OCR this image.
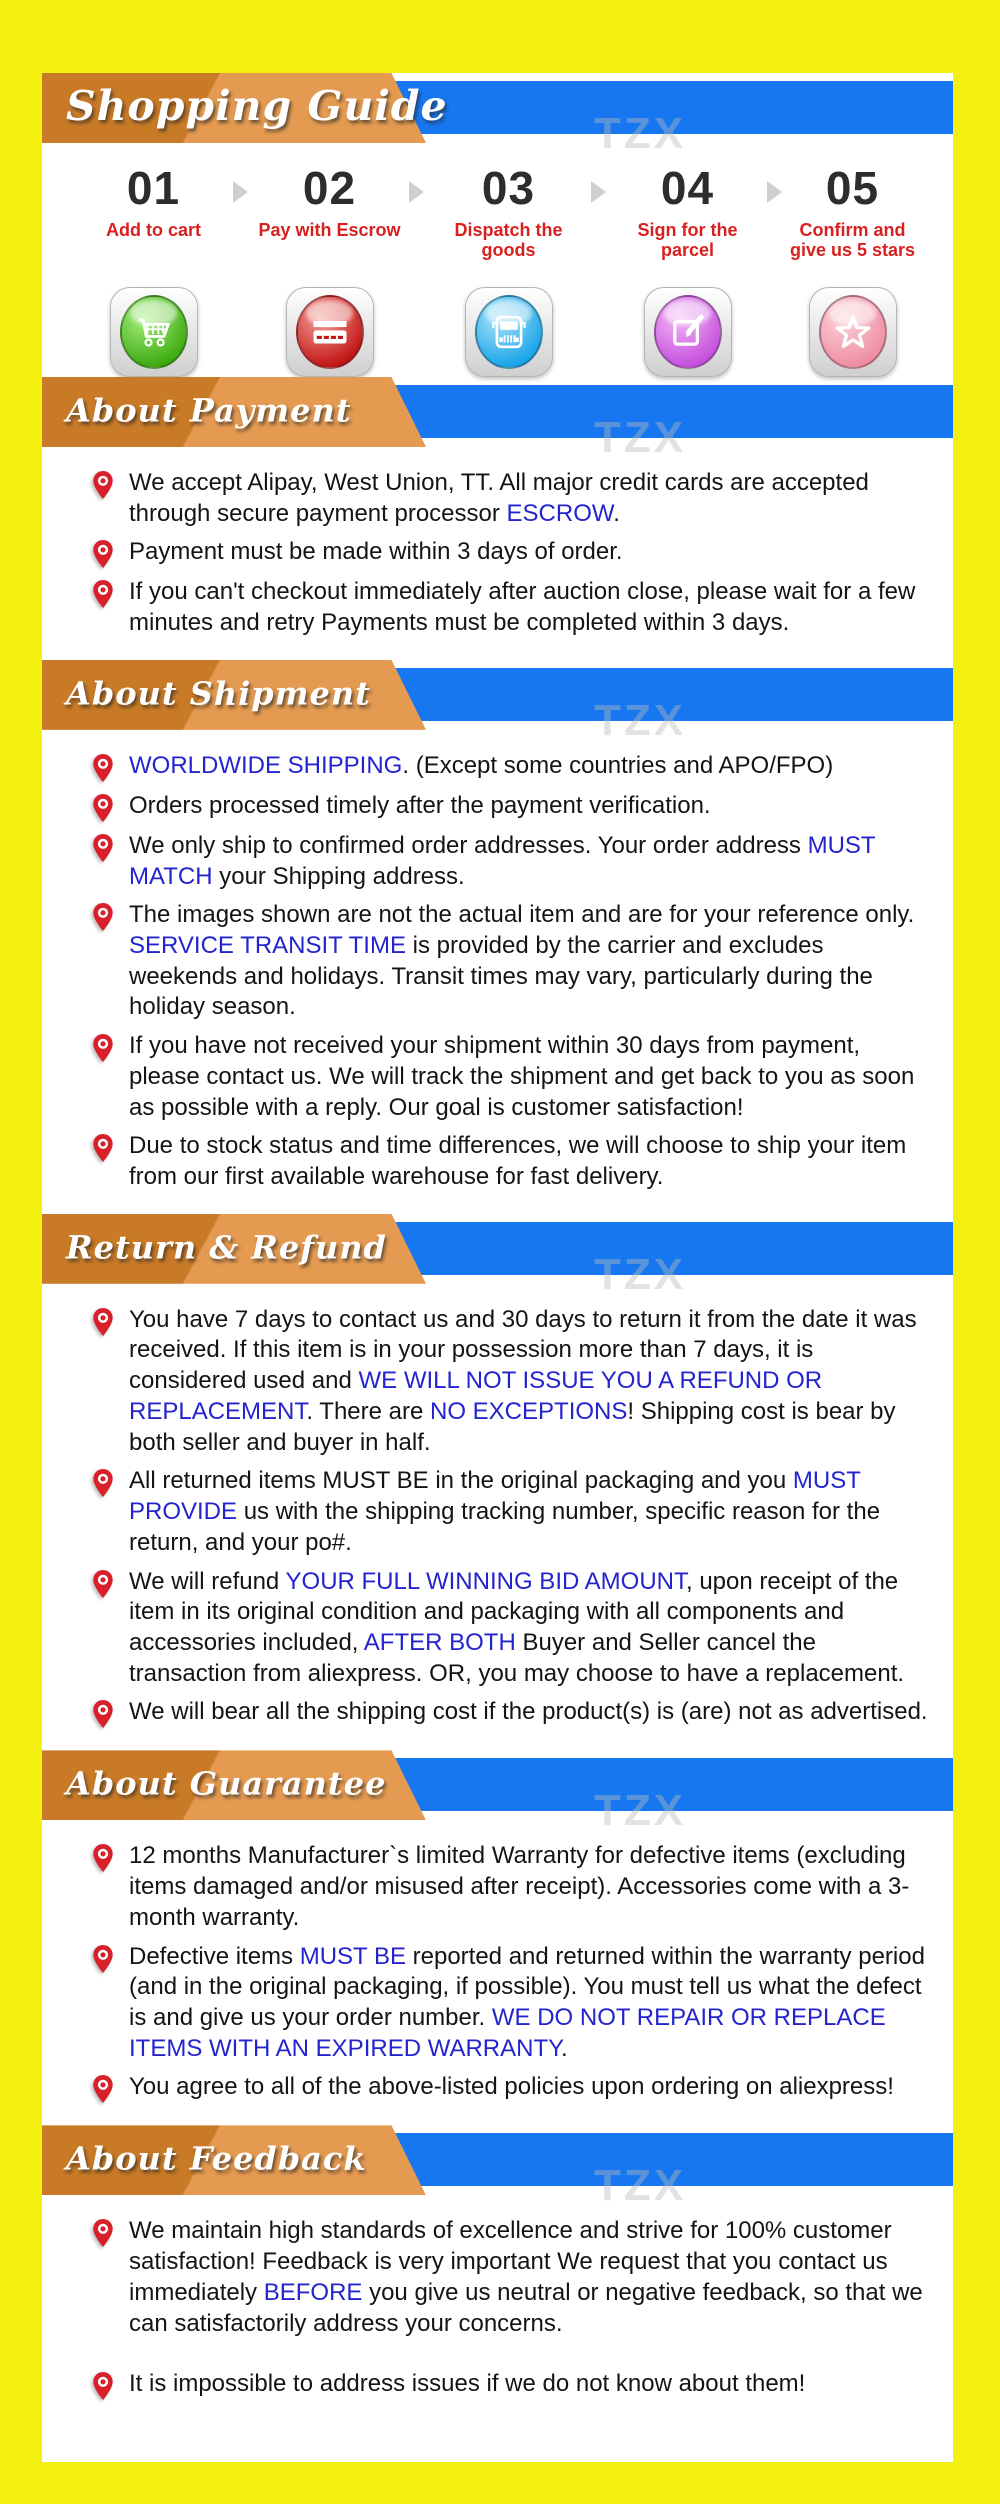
Shopping Guide
TZX
01
Add to cart
02
Pay with Escrow
03
Dispatch the goods
04
Sign for the parcel
05
Confirm and give us 5 stars
About Payment
TZX

We accept Alipay, West Union, TT. All major credit cards are accepted through secure payment processor ESCROW.

Payment must be made within 3 days of order.

If you can't checkout immediately after auction close, please wait for a few minutes and retry Payments must be completed within 3 days.

About Shipment
TZX

WORLDWIDE SHIPPING. (Except some countries and APO/FPO)

Orders processed timely after the payment verification.

We only ship to confirmed order addresses. Your order address MUST MATCH your Shipping address.

The images shown are not the actual item and are for your reference only. SERVICE TRANSIT TIME is provided by the carrier and excludes weekends and holidays. Transit times may vary, particularly during the holiday season.

If you have not received your shipment within 30 days from payment, please contact us. We will track the shipment and get back to you as soon as possible with a reply. Our goal is customer satisfaction!

Due to stock status and time differences, we will choose to ship your item from our first available warehouse for fast delivery.

Return & Refund
TZX

You have 7 days to contact us and 30 days to return it from the date it was received. If this item is in your possession more than 7 days, it is considered used and WE WILL NOT ISSUE YOU A REFUND OR REPLACEMENT. There are NO EXCEPTIONS! Shipping cost is bear by both seller and buyer in half.

All returned items MUST BE in the original packaging and you MUST PROVIDE us with the shipping tracking number, specific reason for the return, and your po#.

We will refund YOUR FULL WINNING BID AMOUNT, upon receipt of the item in its original condition and packaging with all components and accessories included, AFTER BOTH Buyer and Seller cancel the transaction from aliexpress. OR, you may choose to have a replacement.

We will bear all the shipping cost if the product(s) is (are) not as advertised.

About Guarantee
TZX

12 months Manufacturer`s limited Warranty for defective items (excluding items damaged and/or misused after receipt). Accessories come with a 3-month warranty.

Defective items MUST BE reported and returned within the warranty period (and in the original packaging, if possible). You must tell us what the defect is and give us your order number. WE DO NOT REPAIR OR REPLACE ITEMS WITH AN EXPIRED WARRANTY.

You agree to all of the above-listed policies upon ordering on aliexpress!

About Feedback
TZX

We maintain high standards of excellence and strive for 100% customer satisfaction! Feedback is very important We request that you contact us immediately BEFORE you give us neutral or negative feedback, so that we can satisfactorily address your concerns.

It is impossible to address issues if we do not know about them!
